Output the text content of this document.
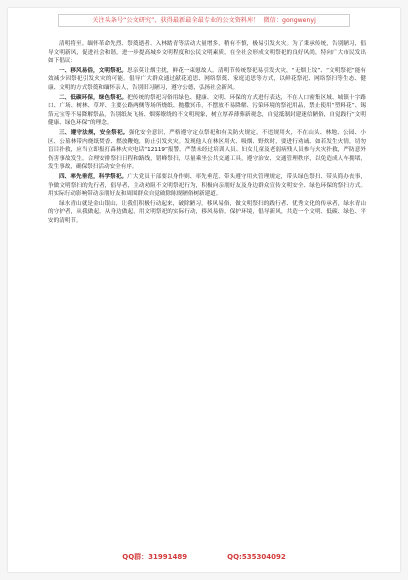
关注头条号“公文研究”，获得最新最全最专业的公文资料库！ 微信：gongwenyj

清明将至。缅怀革命先烈、祭奠逝者、入林踏青等活动大量增多，稍有不慎，极易引发火灾。为了秉承传统，告别陋习，倡导文明新风，促进社会和谐，进一步提高城乡文明程度和公民文明素质，在全社会形成文明祭祀的良好风尚，特向广大市民发出如下倡议：

一、移风易俗，文明祭祀。思亲莫让烟尘扰，鲜花一束慰故人。清明节传统祭祀易引发火灾，“无烟上坟”、“文明祭祀”能有效减少因祭祀引发火灾的可能。倡导广大群众通过献花追思、网络祭奠、家庭追思等方式，以鲜花祭祀、网络祭扫等生态、健康、文明的方式祭奠和缅怀亲人，告别旧习陋习，遵守公德，弘扬社会新风。

二、低碳环保，绿色祭祀。把传统的祭祀习俗用绿色、健康、文明、环保的方式进行表达，不在人口密集区域、城镇十字路口、广场、树林、草坪、主要公路两侧等场所烧纸、抛撒冥币，不摆放不易降解、污染环境的祭祀用品，禁止使用“塑料花”、锡箔元宝等不易降解祭品，告别纸灰飞扬、烟雾缭绕的不文明现象，树立厚养薄葬新观念，自觉抵制封建迷信陋俗，自觉践行“文明健康、绿色环保”的理念。

三、遵守法规，安全祭祀。强化安全意识，严格遵守定点祭祀和有关防火规定，不违规用火，不在山头、林地、公园、小区、公墓林带内烧纸焚香、燃放鞭炮，防止引发火灾。发现他人在林区用火、吸烟、野炊时，要进行劝诫、如若发生火情，切勿盲目扑救，应当立即报打森林火灾电话“12119”报警。严禁未经过培训人员、妇女儿童及老弱病残人员参与火灾扑救，严防意外伤害事故发生。合理安排祭扫日程和路线，错峰祭扫，尽量乘坐公共交通工具，遵守治安、交通管理秩序，以免造成人车拥堵，发生事故，确保祭扫活动安全有序。

四、率先垂范，科学祭祀。广大党员干部要以身作则、率先垂范，带头遵守用火管理规定，带头绿色祭扫、带头简办丧事，争做文明祭扫的先行者，倡导者，主动劝阻不文明祭祀行为，积极向亲朋好友及身边群众宣传文明安全、绿色环保的祭扫方式。用实际行动影响带动亲朋好友和周围群众自觉破除陈规陋俗树新建道。

绿水青山就是金山银山，让我们积极行动起来，破除陋习，移风易俗，做文明祭扫的践行者、优秀文化的传承者，绿水青山的守护者，从我做起，从身边做起，用文明祭祀的实际行动，移风易俗，保护环境，倡导新风，共造一个文明、低碳、绿色、平安的清明节。

QQ群：31991489	QQ:535304092
